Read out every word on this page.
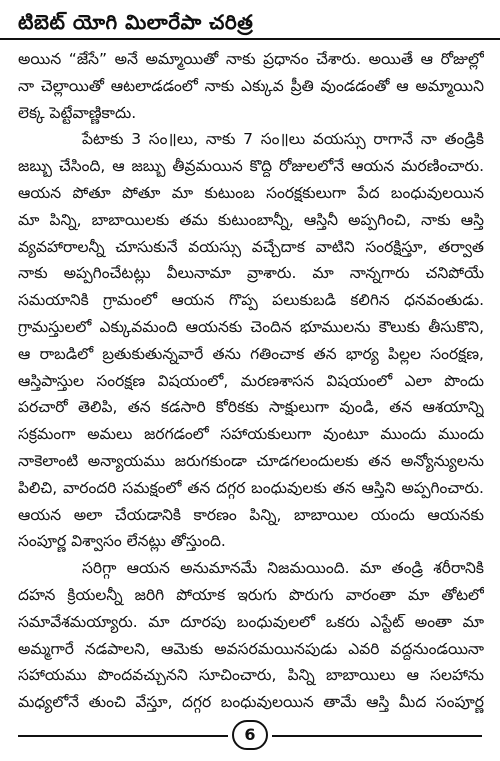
టిబెట్ యోగి మిలారేపా చరిత్ర
అయిన “జేసే” అనే అమ్మాయితో నాకు ప్రధానం చేశారు. అయితే ఆ రోజుల్లో
నా చెల్లాయితో ఆటలాడడంలో నాకు ఎక్కువ ప్రీతి వుండడంతో ఆ అమ్మాయిని
లెక్క పెట్టేవాణ్ణికాదు.
పేటాకు 3 సం॥లు, నాకు 7 సం॥లు వయస్సు రాగానే నా తండ్రికి
జబ్బు చేసింది, ఆ జబ్బు తీవ్రమయిన కొద్ది రోజులలోనే ఆయన మరణించారు.
ఆయన పోతూ పోతూ మా కుటుంబ సంరక్షకులుగా పేద బంధువులయిన
మా పిన్ని, బాబాయిలకు తమ కుటుంబాన్నీ, ఆస్తినీ అప్పగించి, నాకు ఆస్తి
వ్యవహారాలన్నీ చూసుకునే వయస్సు వచ్చేదాక వాటిని సంరక్షిస్తూ, తర్వాత
నాకు అప్పగించేటట్లు వీలునామా వ్రాశారు. మా నాన్నగారు చనిపోయే
సమయానికి గ్రామంలో ఆయన గొప్ప పలుకుబడి కలిగిన ధనవంతుడు.
గ్రామస్తులలో ఎక్కువమంది ఆయనకు చెందిన భూములను కౌలుకు తీసుకొని,
ఆ రాబడిలో బ్రతుకుతున్నవారే తను గతించాక తన భార్య పిల్లల సంరక్షణ,
ఆస్తిపాస్తుల సంరక్షణ విషయంలో, మరణశాసన విషయంలో ఎలా పొందు
పరచారో తెలిపి, తన కడసారి కోరికకు సాక్షులుగా వుండి, తన ఆశయాన్ని
సక్రమంగా అమలు జరగడంలో సహాయకులుగా వుంటూ ముందు ముందు
నాకెలాంటి అన్యాయము జరుగకుండా చూడగలందులకు తన అన్యోన్యులను
పిలిచి, వారందరి సమక్షంలో తన దగ్గర బంధువులకు తన ఆస్తిని అప్పగించారు.
ఆయన అలా చేయడానికి కారణం పిన్ని, బాబాయిల యందు ఆయనకు
సంపూర్ణ విశ్వాసం లేనట్లు తోస్తుంది.
సరిగ్గా ఆయన అనుమానమే నిజమయింది. మా తండ్రి శరీరానికి
దహన క్రియలన్నీ జరిగి పోయాక ఇరుగు పొరుగు వారంతా మా తోటలో
సమావేశమయ్యారు. మా దూరపు బంధువులలో ఒకరు ఎస్టేట్ అంతా మా
అమ్మగారే నడపాలని, ఆమెకు అవసరమయినపుడు ఎవరి వద్దనుండయినా
సహాయము పొందవచ్చునని సూచించారు, పిన్ని బాబాయిలు ఆ సలహాను
మధ్యలోనే తుంచి వేస్తూ, దగ్గర బంధువులయిన తామే ఆస్తి మీద సంపూర్ణ
6
